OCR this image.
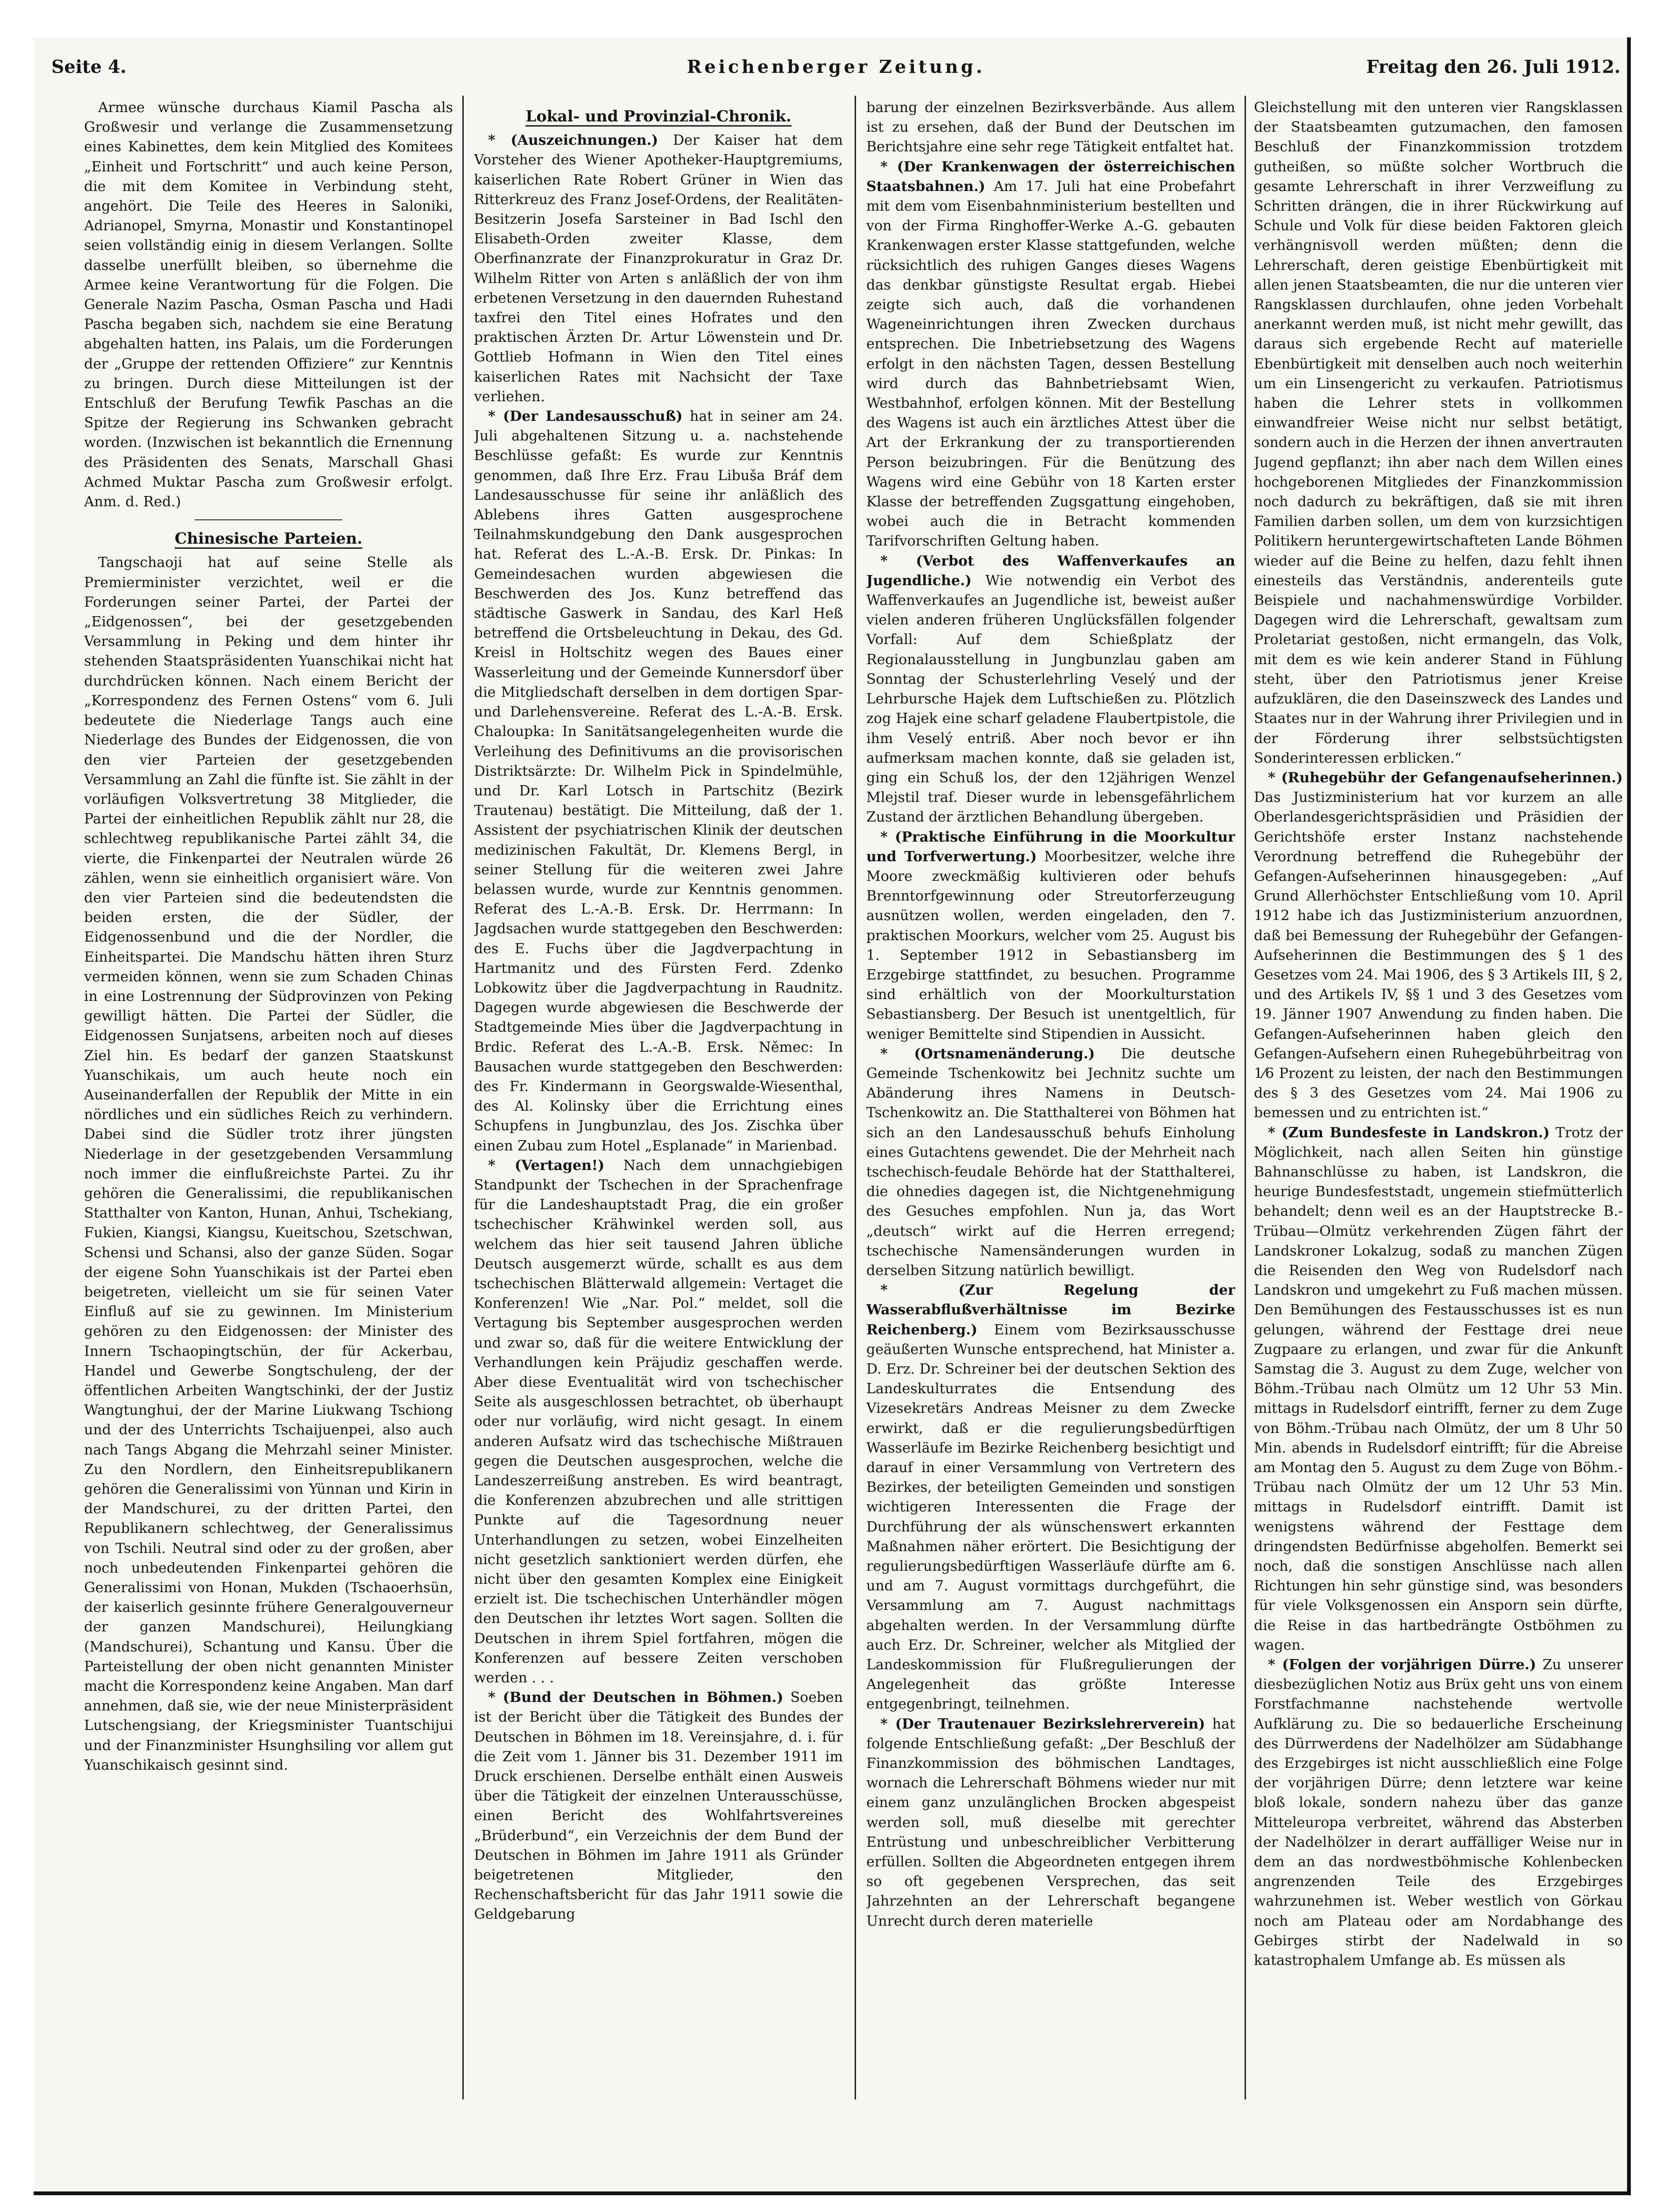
Seite 4.	Reichenberger Zeitung.	Freitag den 26. Juli 1912.

Armee wünsche durchaus Kiamil Pascha als Großwesir und verlange die Zusammensetzung eines Kabinettes, dem kein Mitglied des Komitees „Einheit und Fortschritt“ und auch keine Person, die mit dem Komitee in Verbindung steht, angehört. Die Teile des Heeres in Saloniki, Adrianopel, Smyrna, Monastir und Konstantinopel seien vollständig einig in diesem Verlangen. Sollte dasselbe unerfüllt bleiben, so übernehme die Armee keine Verantwortung für die Folgen. Die Generale Nazim Pascha, Osman Pascha und Hadi Pascha begaben sich, nachdem sie eine Beratung abgehalten hatten, ins Palais, um die Forderungen der „Gruppe der rettenden Offiziere“ zur Kenntnis zu bringen. Durch diese Mitteilungen ist der Entschluß der Berufung Tewfik Paschas an die Spitze der Regierung ins Schwanken gebracht worden. (Inzwischen ist bekanntlich die Ernennung des Präsidenten des Senats, Marschall Ghasi Achmed Muktar Pascha zum Großwesir erfolgt. Anm. d. Red.)

Chinesische Parteien.

Tangschaoji hat auf seine Stelle als Premierminister verzichtet, weil er die Forderungen seiner Partei, der Partei der „Eidgenossen“, bei der gesetzgebenden Versammlung in Peking und dem hinter ihr stehenden Staatspräsidenten Yuanschikai nicht hat durchdrücken können. Nach einem Bericht der „Korrespondenz des Fernen Ostens“ vom 6. Juli bedeutete die Niederlage Tangs auch eine Niederlage des Bundes der Eidgenossen, die von den vier Parteien der gesetzgebenden Versammlung an Zahl die fünfte ist. Sie zählt in der vorläufigen Volksvertretung 38 Mitglieder, die Partei der einheitlichen Republik zählt nur 28, die schlechtweg republikanische Partei zählt 34, die vierte, die Finkenpartei der Neutralen würde 26 zählen, wenn sie einheitlich organisiert wäre. Von den vier Parteien sind die bedeutendsten die beiden ersten, die der Südler, der Eidgenossenbund und die der Nordler, die Einheitspartei. Die Mandschu hätten ihren Sturz vermeiden können, wenn sie zum Schaden Chinas in eine Lostrennung der Südprovinzen von Peking gewilligt hätten. Die Partei der Südler, die Eidgenossen Sunjatsens, arbeiten noch auf dieses Ziel hin. Es bedarf der ganzen Staatskunst Yuanschikais, um auch heute noch ein Auseinanderfallen der Republik der Mitte in ein nördliches und ein südliches Reich zu verhindern. Dabei sind die Südler trotz ihrer jüngsten Niederlage in der gesetzgebenden Versammlung noch immer die einflußreichste Partei. Zu ihr gehören die Generalissimi, die republikanischen Statthalter von Kanton, Hunan, Anhui, Tschekiang, Fukien, Kiangsi, Kiangsu, Kueitschou, Szetschwan, Schensi und Schansi, also der ganze Süden. Sogar der eigene Sohn Yuanschikais ist der Partei eben beigetreten, vielleicht um sie für seinen Vater Einfluß auf sie zu gewinnen. Im Ministerium gehören zu den Eidgenossen: der Minister des Innern Tschaopingtschün, der für Ackerbau, Handel und Gewerbe Songtschuleng, der der öffentlichen Arbeiten Wangtschinki, der der Justiz Wangtunghui, der der Marine Liukwang Tschiong und der des Unterrichts Tschaijuenpei, also auch nach Tangs Abgang die Mehrzahl seiner Minister. Zu den Nordlern, den Einheitsrepublikanern gehören die Generalissimi von Yünnan und Kirin in der Mandschurei, zu der dritten Partei, den Republikanern schlechtweg, der Generalissimus von Tschili. Neutral sind oder zu der großen, aber noch unbedeutenden Finkenpartei gehören die Generalissimi von Honan, Mukden (Tschaoerhsün, der kaiserlich gesinnte frühere Generalgouverneur der ganzen Mandschurei), Heilungkiang (Mandschurei), Schantung und Kansu. Über die Parteistellung der oben nicht genannten Minister macht die Korrespondenz keine Angaben. Man darf annehmen, daß sie, wie der neue Ministerpräsident Lutschengsiang, der Kriegsminister Tuantschijui und der Finanzminister Hsunghsiling vor allem gut Yuanschikaisch gesinnt sind.

Lokal- und Provinzial-Chronik.

* (Auszeichnungen.) Der Kaiser hat dem Vorsteher des Wiener Apotheker-Hauptgremiums, kaiserlichen Rate Robert Grüner in Wien das Ritterkreuz des Franz Josef-Ordens, der Realitäten-Besitzerin Josefa Sarsteiner in Bad Ischl den Elisabeth-Orden zweiter Klasse, dem Oberfinanzrate der Finanzprokuratur in Graz Dr. Wilhelm Ritter von Arten s anläßlich der von ihm erbetenen Versetzung in den dauernden Ruhestand taxfrei den Titel eines Hofrates und den praktischen Ärzten Dr. Artur Löwenstein und Dr. Gottlieb Hofmann in Wien den Titel eines kaiserlichen Rates mit Nachsicht der Taxe verliehen.

* (Der Landesausschuß) hat in seiner am 24. Juli abgehaltenen Sitzung u. a. nachstehende Beschlüsse gefaßt: Es wurde zur Kenntnis genommen, daß Ihre Erz. Frau Libuša Bráf dem Landesausschusse für seine ihr anläßlich des Ablebens ihres Gatten ausgesprochene Teilnahmskundgebung den Dank ausgesprochen hat. Referat des L.-A.-B. Ersk. Dr. Pinkas: In Gemeindesachen wurden abgewiesen die Beschwerden des Jos. Kunz betreffend das städtische Gaswerk in Sandau, des Karl Heß betreffend die Ortsbeleuchtung in Dekau, des Gd. Kreisl in Holtschitz wegen des Baues einer Wasserleitung und der Gemeinde Kunnersdorf über die Mitgliedschaft derselben in dem dortigen Spar- und Darlehensvereine. Referat des L.-A.-B. Ersk. Chaloupka: In Sanitätsangelegenheiten wurde die Verleihung des Definitivums an die provisorischen Distriktsärzte: Dr. Wilhelm Pick in Spindelmühle, und Dr. Karl Lotsch in Partschitz (Bezirk Trautenau) bestätigt. Die Mitteilung, daß der 1. Assistent der psychiatrischen Klinik der deutschen medizinischen Fakultät, Dr. Klemens Bergl, in seiner Stellung für die weiteren zwei Jahre belassen wurde, wurde zur Kenntnis genommen. Referat des L.-A.-B. Ersk. Dr. Herrmann: In Jagdsachen wurde stattgegeben den Beschwerden: des E. Fuchs über die Jagdverpachtung in Hartmanitz und des Fürsten Ferd. Zdenko Lobkowitz über die Jagdverpachtung in Raudnitz. Dagegen wurde abgewiesen die Beschwerde der Stadtgemeinde Mies über die Jagdverpachtung in Brdic. Referat des L.-A.-B. Ersk. Němec: In Bausachen wurde stattgegeben den Beschwerden: des Fr. Kindermann in Georgswalde-Wiesenthal, des Al. Kolinsky über die Errichtung eines Schupfens in Jungbunzlau, des Jos. Zischka über einen Zubau zum Hotel „Esplanade“ in Marienbad.

* (Vertagen!) Nach dem unnachgiebigen Standpunkt der Tschechen in der Sprachenfrage für die Landeshauptstadt Prag, die ein großer tschechischer Krähwinkel werden soll, aus welchem das hier seit tausend Jahren übliche Deutsch ausgemerzt würde, schallt es aus dem tschechischen Blätterwald allgemein: Vertaget die Konferenzen! Wie „Nar. Pol.“ meldet, soll die Vertagung bis September ausgesprochen werden und zwar so, daß für die weitere Entwicklung der Verhandlungen kein Präjudiz geschaffen werde. Aber diese Eventualität wird von tschechischer Seite als ausgeschlossen betrachtet, ob überhaupt oder nur vorläufig, wird nicht gesagt. In einem anderen Aufsatz wird das tschechische Mißtrauen gegen die Deutschen ausgesprochen, welche die Landeszerreißung anstreben. Es wird beantragt, die Konferenzen abzubrechen und alle strittigen Punkte auf die Tagesordnung neuer Unterhandlungen zu setzen, wobei Einzelheiten nicht gesetzlich sanktioniert werden dürfen, ehe nicht über den gesamten Komplex eine Einigkeit erzielt ist. Die tschechischen Unterhändler mögen den Deutschen ihr letztes Wort sagen. Sollten die Deutschen in ihrem Spiel fortfahren, mögen die Konferenzen auf bessere Zeiten verschoben werden . . .

* (Bund der Deutschen in Böhmen.) Soeben ist der Bericht über die Tätigkeit des Bundes der Deutschen in Böhmen im 18. Vereinsjahre, d. i. für die Zeit vom 1. Jänner bis 31. Dezember 1911 im Druck erschienen. Derselbe enthält einen Ausweis über die Tätigkeit der einzelnen Unterausschüsse, einen Bericht des Wohlfahrtsvereines „Brüderbund“, ein Verzeichnis der dem Bund der Deutschen in Böhmen im Jahre 1911 als Gründer beigetretenen Mitglieder, den Rechenschaftsbericht für das Jahr 1911 sowie die Geldgebarung

barung der einzelnen Bezirksverbände. Aus allem ist zu ersehen, daß der Bund der Deutschen im Berichtsjahre eine sehr rege Tätigkeit entfaltet hat.

* (Der Krankenwagen der österreichischen Staatsbahnen.) Am 17. Juli hat eine Probefahrt mit dem vom Eisenbahnministerium bestellten und von der Firma Ringhoffer-Werke A.-G. gebauten Krankenwagen erster Klasse stattgefunden, welche rücksichtlich des ruhigen Ganges dieses Wagens das denkbar günstigste Resultat ergab. Hiebei zeigte sich auch, daß die vorhandenen Wageneinrichtungen ihren Zwecken durchaus entsprechen. Die Inbetriebsetzung des Wagens erfolgt in den nächsten Tagen, dessen Bestellung wird durch das Bahnbetriebsamt Wien, Westbahnhof, erfolgen können. Mit der Bestellung des Wagens ist auch ein ärztliches Attest über die Art der Erkrankung der zu transportierenden Person beizubringen. Für die Benützung des Wagens wird eine Gebühr von 18 Karten erster Klasse der betreffenden Zugsgattung eingehoben, wobei auch die in Betracht kommenden Tarifvorschriften Geltung haben.

* (Verbot des Waffenverkaufes an Jugendliche.) Wie notwendig ein Verbot des Waffenverkaufes an Jugendliche ist, beweist außer vielen anderen früheren Unglücksfällen folgender Vorfall: Auf dem Schießplatz der Regionalausstellung in Jungbunzlau gaben am Sonntag der Schusterlehrling Veselý und der Lehrbursche Hajek dem Luftschießen zu. Plötzlich zog Hajek eine scharf geladene Flaubertpistole, die ihm Veselý entriß. Aber noch bevor er ihn aufmerksam machen konnte, daß sie geladen ist, ging ein Schuß los, der den 12jährigen Wenzel Mlejstil traf. Dieser wurde in lebensgefährlichem Zustand der ärztlichen Behandlung übergeben.

* (Praktische Einführung in die Moorkultur und Torfverwertung.) Moorbesitzer, welche ihre Moore zweckmäßig kultivieren oder behufs Brenntorfgewinnung oder Streutorferzeugung ausnützen wollen, werden eingeladen, den 7. praktischen Moorkurs, welcher vom 25. August bis 1. September 1912 in Sebastiansberg im Erzgebirge stattfindet, zu besuchen. Programme sind erhältlich von der Moorkulturstation Sebastiansberg. Der Besuch ist unentgeltlich, für weniger Bemittelte sind Stipendien in Aussicht.

* (Ortsnamenänderung.) Die deutsche Gemeinde Tschenkowitz bei Jechnitz suchte um Abänderung ihres Namens in Deutsch-Tschenkowitz an. Die Statthalterei von Böhmen hat sich an den Landesausschuß behufs Einholung eines Gutachtens gewendet. Die der Mehrheit nach tschechisch-feudale Behörde hat der Statthalterei, die ohnedies dagegen ist, die Nichtgenehmigung des Gesuches empfohlen. Nun ja, das Wort „deutsch“ wirkt auf die Herren erregend; tschechische Namensänderungen wurden in derselben Sitzung natürlich bewilligt.

* (Zur Regelung der Wasserabflußverhältnisse im Bezirke Reichenberg.) Einem vom Bezirksausschusse geäußerten Wunsche entsprechend, hat Minister a. D. Erz. Dr. Schreiner bei der deutschen Sektion des Landeskulturrates die Entsendung des Vizesekretärs Andreas Meisner zu dem Zwecke erwirkt, daß er die regulierungsbedürftigen Wasserläufe im Bezirke Reichenberg besichtigt und darauf in einer Versammlung von Vertretern des Bezirkes, der beteiligten Gemeinden und sonstigen wichtigeren Interessenten die Frage der Durchführung der als wünschenswert erkannten Maßnahmen näher erörtert. Die Besichtigung der regulierungsbedürftigen Wasserläufe dürfte am 6. und am 7. August vormittags durchgeführt, die Versammlung am 7. August nachmittags abgehalten werden. In der Versammlung dürfte auch Erz. Dr. Schreiner, welcher als Mitglied der Landeskommission für Flußregulierungen der Angelegenheit das größte Interesse entgegenbringt, teilnehmen.

* (Der Trautenauer Bezirkslehrerverein) hat folgende Entschließung gefaßt: „Der Beschluß der Finanzkommission des böhmischen Landtages, wornach die Lehrerschaft Böhmens wieder nur mit einem ganz unzulänglichen Brocken abgespeist werden soll, muß dieselbe mit gerechter Entrüstung und unbeschreiblicher Verbitterung erfüllen. Sollten die Abgeordneten entgegen ihrem so oft gegebenen Versprechen, das seit Jahrzehnten an der Lehrerschaft begangene Unrecht durch deren materielle

Gleichstellung mit den unteren vier Rangsklassen der Staatsbeamten gutzumachen, den famosen Beschluß der Finanzkommission trotzdem gutheißen, so müßte solcher Wortbruch die gesamte Lehrerschaft in ihrer Verzweiflung zu Schritten drängen, die in ihrer Rückwirkung auf Schule und Volk für diese beiden Faktoren gleich verhängnisvoll werden müßten; denn die Lehrerschaft, deren geistige Ebenbürtigkeit mit allen jenen Staatsbeamten, die nur die unteren vier Rangsklassen durchlaufen, ohne jeden Vorbehalt anerkannt werden muß, ist nicht mehr gewillt, das daraus sich ergebende Recht auf materielle Ebenbürtigkeit mit denselben auch noch weiterhin um ein Linsengericht zu verkaufen. Patriotismus haben die Lehrer stets in vollkommen einwandfreier Weise nicht nur selbst betätigt, sondern auch in die Herzen der ihnen anvertrauten Jugend gepflanzt; ihn aber nach dem Willen eines hochgeborenen Mitgliedes der Finanzkommission noch dadurch zu bekräftigen, daß sie mit ihren Familien darben sollen, um dem von kurzsichtigen Politikern heruntergewirtschafteten Lande Böhmen wieder auf die Beine zu helfen, dazu fehlt ihnen einesteils das Verständnis, anderenteils gute Beispiele und nachahmenswürdige Vorbilder. Dagegen wird die Lehrerschaft, gewaltsam zum Proletariat gestoßen, nicht ermangeln, das Volk, mit dem es wie kein anderer Stand in Fühlung steht, über den Patriotismus jener Kreise aufzuklären, die den Daseinszweck des Landes und Staates nur in der Wahrung ihrer Privilegien und in der Förderung ihrer selbstsüchtigsten Sonderinteressen erblicken.“

* (Ruhegebühr der Gefangenaufseherinnen.) Das Justizministerium hat vor kurzem an alle Oberlandesgerichtspräsidien und Präsidien der Gerichtshöfe erster Instanz nachstehende Verordnung betreffend die Ruhegebühr der Gefangen-Aufseherinnen hinausgegeben: „Auf Grund Allerhöchster Entschließung vom 10. April 1912 habe ich das Justizministerium anzuordnen, daß bei Bemessung der Ruhegebühr der Gefangen-Aufseherinnen die Bestimmungen des § 1 des Gesetzes vom 24. Mai 1906, des § 3 Artikels III, § 2, und des Artikels IV, §§ 1 und 3 des Gesetzes vom 19. Jänner 1907 Anwendung zu finden haben. Die Gefangen-Aufseherinnen haben gleich den Gefangen-Aufsehern einen Ruhegebührbeitrag von 1⁄6 Prozent zu leisten, der nach den Bestimmungen des § 3 des Gesetzes vom 24. Mai 1906 zu bemessen und zu entrichten ist.“

* (Zum Bundesfeste in Landskron.) Trotz der Möglichkeit, nach allen Seiten hin günstige Bahnanschlüsse zu haben, ist Landskron, die heurige Bundesfeststadt, ungemein stiefmütterlich behandelt; denn weil es an der Hauptstrecke B.-Trübau—Olmütz verkehrenden Zügen fährt der Landskroner Lokalzug, sodaß zu manchen Zügen die Reisenden den Weg von Rudelsdorf nach Landskron und umgekehrt zu Fuß machen müssen. Den Bemühungen des Festausschusses ist es nun gelungen, während der Festtage drei neue Zugpaare zu erlangen, und zwar für die Ankunft Samstag die 3. August zu dem Zuge, welcher von Böhm.-Trübau nach Olmütz um 12 Uhr 53 Min. mittags in Rudelsdorf eintrifft, ferner zu dem Zuge von Böhm.-Trübau nach Olmütz, der um 8 Uhr 50 Min. abends in Rudelsdorf eintrifft; für die Abreise am Montag den 5. August zu dem Zuge von Böhm.-Trübau nach Olmütz der um 12 Uhr 53 Min. mittags in Rudelsdorf eintrifft. Damit ist wenigstens während der Festtage dem dringendsten Bedürfnisse abgeholfen. Bemerkt sei noch, daß die sonstigen Anschlüsse nach allen Richtungen hin sehr günstige sind, was besonders für viele Volksgenossen ein Ansporn sein dürfte, die Reise in das hartbedrängte Ostböhmen zu wagen.

* (Folgen der vorjährigen Dürre.) Zu unserer diesbezüglichen Notiz aus Brüx geht uns von einem Forstfachmanne nachstehende wertvolle Aufklärung zu. Die so bedauerliche Erscheinung des Dürrwerdens der Nadelhölzer am Südabhange des Erzgebirges ist nicht ausschließlich eine Folge der vorjährigen Dürre; denn letztere war keine bloß lokale, sondern nahezu über das ganze Mitteleuropa verbreitet, während das Absterben der Nadelhölzer in derart auffälliger Weise nur in dem an das nordwestböhmische Kohlenbecken angrenzenden Teile des Erzgebirges wahrzunehmen ist. Weber westlich von Görkau noch am Plateau oder am Nordabhange des Gebirges stirbt der Nadelwald in so katastrophalem Umfange ab. Es müssen als
